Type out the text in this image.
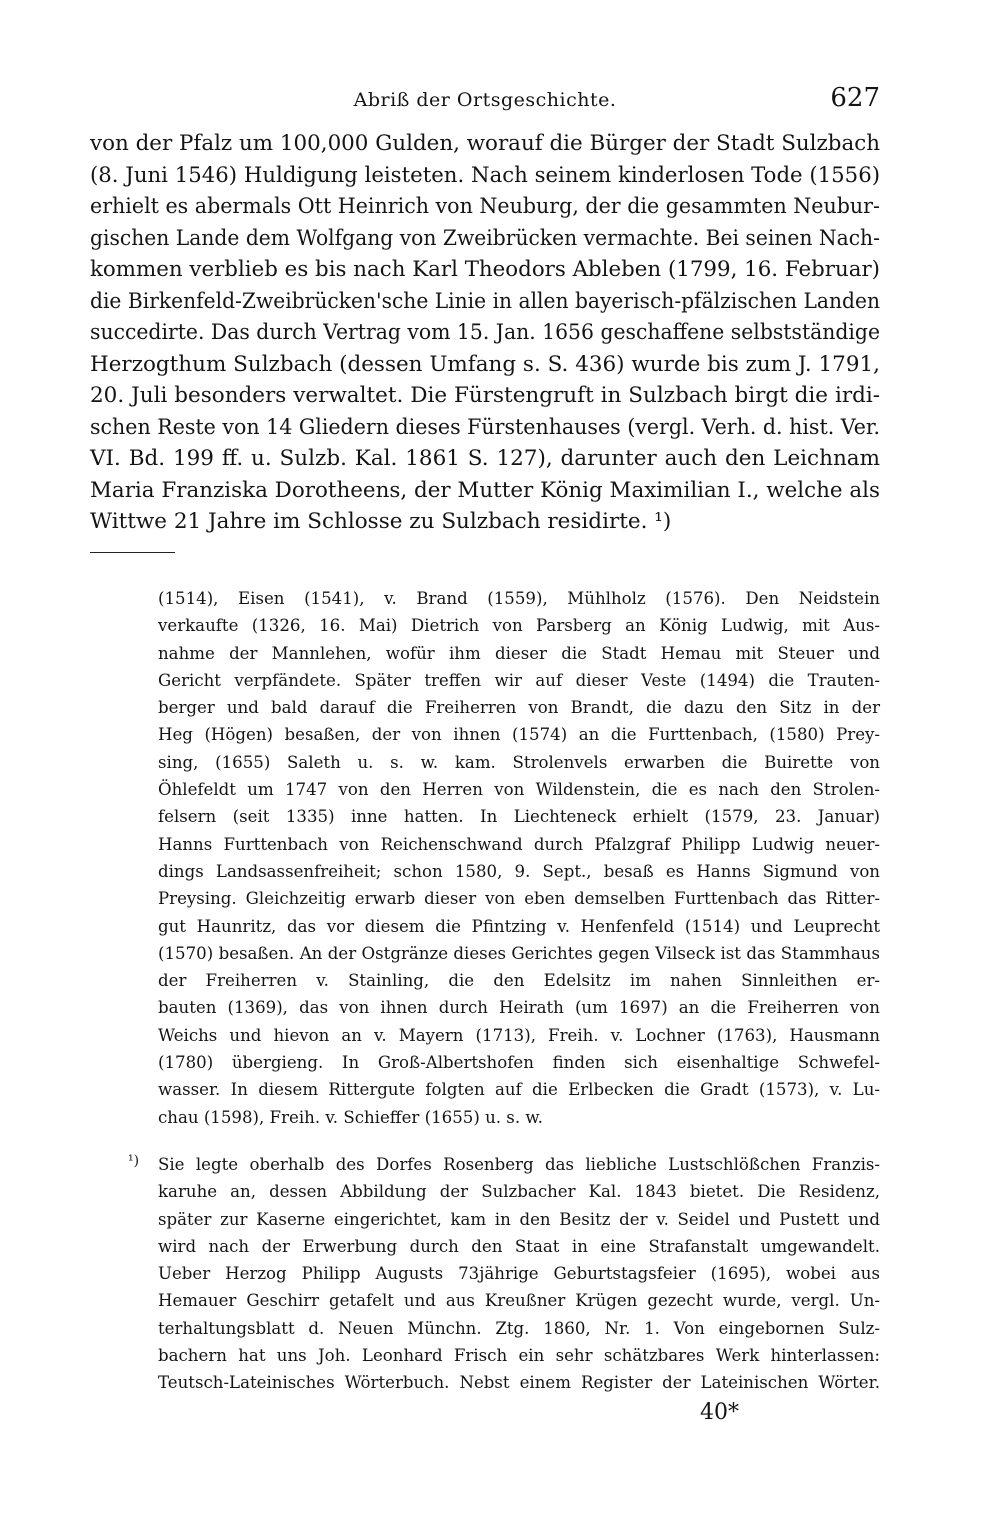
Abriß der Ortsgeschichte.	627
von der Pfalz um 100,000 Gulden, worauf die Bürger der Stadt Sulzbach
(8. Juni 1546) Huldigung leisteten. Nach seinem kinderlosen Tode (1556)
erhielt es abermals Ott Heinrich von Neuburg, der die gesammten Neubur-
gischen Lande dem Wolfgang von Zweibrücken vermachte. Bei seinen Nach-
kommen verblieb es bis nach Karl Theodors Ableben (1799, 16. Februar)
die Birkenfeld-Zweibrücken'sche Linie in allen bayerisch-pfälzischen Landen
succedirte. Das durch Vertrag vom 15. Jan. 1656 geschaffene selbstständige
Herzogthum Sulzbach (dessen Umfang s. S. 436) wurde bis zum J. 1791,
20. Juli besonders verwaltet. Die Fürstengruft in Sulzbach birgt die irdi-
schen Reste von 14 Gliedern dieses Fürstenhauses (vergl. Verh. d. hist. Ver.
VI. Bd. 199 ff. u. Sulzb. Kal. 1861 S. 127), darunter auch den Leichnam
Maria Franziska Dorotheens, der Mutter König Maximilian I., welche als
Wittwe 21 Jahre im Schlosse zu Sulzbach residirte. ¹)
(1514), Eisen (1541), v. Brand (1559), Mühlholz (1576). Den Neidstein
verkaufte (1326, 16. Mai) Dietrich von Parsberg an König Ludwig, mit Aus-
nahme der Mannlehen, wofür ihm dieser die Stadt Hemau mit Steuer und
Gericht verpfändete. Später treffen wir auf dieser Veste (1494) die Trauten-
berger und bald darauf die Freiherren von Brandt, die dazu den Sitz in der
Heg (Högen) besaßen, der von ihnen (1574) an die Furttenbach, (1580) Prey-
sing, (1655) Saleth u. s. w. kam. Strolenvels erwarben die Buirette von
Öhlefeldt um 1747 von den Herren von Wildenstein, die es nach den Strolen-
felsern (seit 1335) inne hatten. In Liechteneck erhielt (1579, 23. Januar)
Hanns Furttenbach von Reichenschwand durch Pfalzgraf Philipp Ludwig neuer-
dings Landsassenfreiheit; schon 1580, 9. Sept., besaß es Hanns Sigmund von
Preysing. Gleichzeitig erwarb dieser von eben demselben Furttenbach das Ritter-
gut Haunritz, das vor diesem die Pfintzing v. Henfenfeld (1514) und Leuprecht
(1570) besaßen. An der Ostgränze dieses Gerichtes gegen Vilseck ist das Stammhaus
der Freiherren v. Stainling, die den Edelsitz im nahen Sinnleithen er-
bauten (1369), das von ihnen durch Heirath (um 1697) an die Freiherren von
Weichs und hievon an v. Mayern (1713), Freih. v. Lochner (1763), Hausmann
(1780) übergieng. In Groß-Albertshofen finden sich eisenhaltige Schwefel-
wasser. In diesem Rittergute folgten auf die Erlbecken die Gradt (1573), v. Lu-
chau (1598), Freih. v. Schieffer (1655) u. s. w.
¹) Sie legte oberhalb des Dorfes Rosenberg das liebliche Lustschlößchen Franzis-
karuhe an, dessen Abbildung der Sulzbacher Kal. 1843 bietet. Die Residenz,
später zur Kaserne eingerichtet, kam in den Besitz der v. Seidel und Pustett und
wird nach der Erwerbung durch den Staat in eine Strafanstalt umgewandelt.
Ueber Herzog Philipp Augusts 73jährige Geburtstagsfeier (1695), wobei aus
Hemauer Geschirr getafelt und aus Kreußner Krügen gezecht wurde, vergl. Un-
terhaltungsblatt d. Neuen Münchn. Ztg. 1860, Nr. 1. Von eingebornen Sulz-
bachern hat uns Joh. Leonhard Frisch ein sehr schätzbares Werk hinterlassen:
Teutsch-Lateinisches Wörterbuch. Nebst einem Register der Lateinischen Wörter.
40*
